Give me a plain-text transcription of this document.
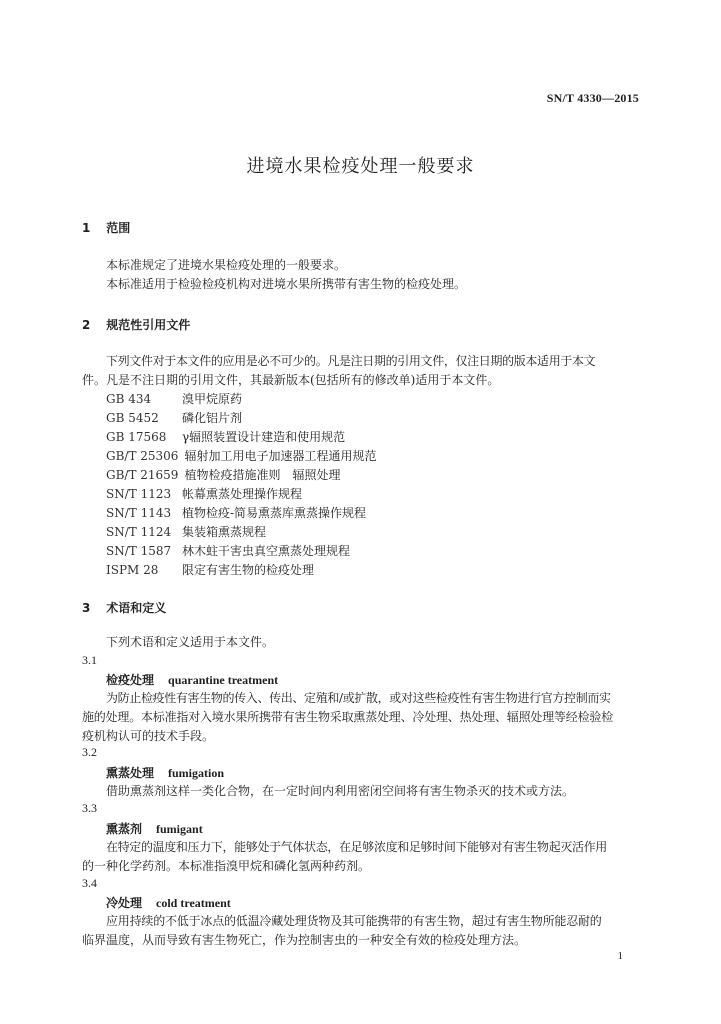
SN/T 4330—2015
进境水果检疫处理一般要求
1 范围
本标准规定了进境水果检疫处理的一般要求。
本标准适用于检验检疫机构对进境水果所携带有害生物的检疫处理。
2 规范性引用文件
下列文件对于本文件的应用是必不可少的。凡是注日期的引用文件，仅注日期的版本适用于本文
件。凡是不注日期的引用文件，其最新版本(包括所有的修改单)适用于本文件。
GB 434	溴甲烷原药
GB 5452 磷化铝片剂
GB 17568 γ辐照装置设计建造和使用规范
GB/T 25306 辐射加工用电子加速器工程通用规范
GB/T 21659 植物检疫措施准则　辐照处理
SN/T 1123 帐幕熏蒸处理操作规程
SN/T 1143 植物检疫-简易熏蒸库熏蒸操作规程
SN/T 1124 集装箱熏蒸规程
SN/T 1587 林木蛀干害虫真空熏蒸处理规程
ISPM 28 限定有害生物的检疫处理
3 术语和定义
下列术语和定义适用于本文件。
3.1
检疫处理 quarantine treatment
为防止检疫性有害生物的传入、传出、定殖和/或扩散，或对这些检疫性有害生物进行官方控制而实
施的处理。本标准指对入境水果所携带有害生物采取熏蒸处理、冷处理、热处理、辐照处理等经检验检
疫机构认可的技术手段。
3.2
熏蒸处理 fumigation
借助熏蒸剂这样一类化合物，在一定时间内利用密闭空间将有害生物杀灭的技术或方法。
3.3
熏蒸剂 fumigant
在特定的温度和压力下，能够处于气体状态，在足够浓度和足够时间下能够对有害生物起灭活作用
的一种化学药剂。本标准指溴甲烷和磷化氢两种药剂。
3.4
冷处理 cold treatment
应用持续的不低于冰点的低温冷藏处理货物及其可能携带的有害生物，超过有害生物所能忍耐的
临界温度，从而导致有害生物死亡，作为控制害虫的一种安全有效的检疫处理方法。
1
